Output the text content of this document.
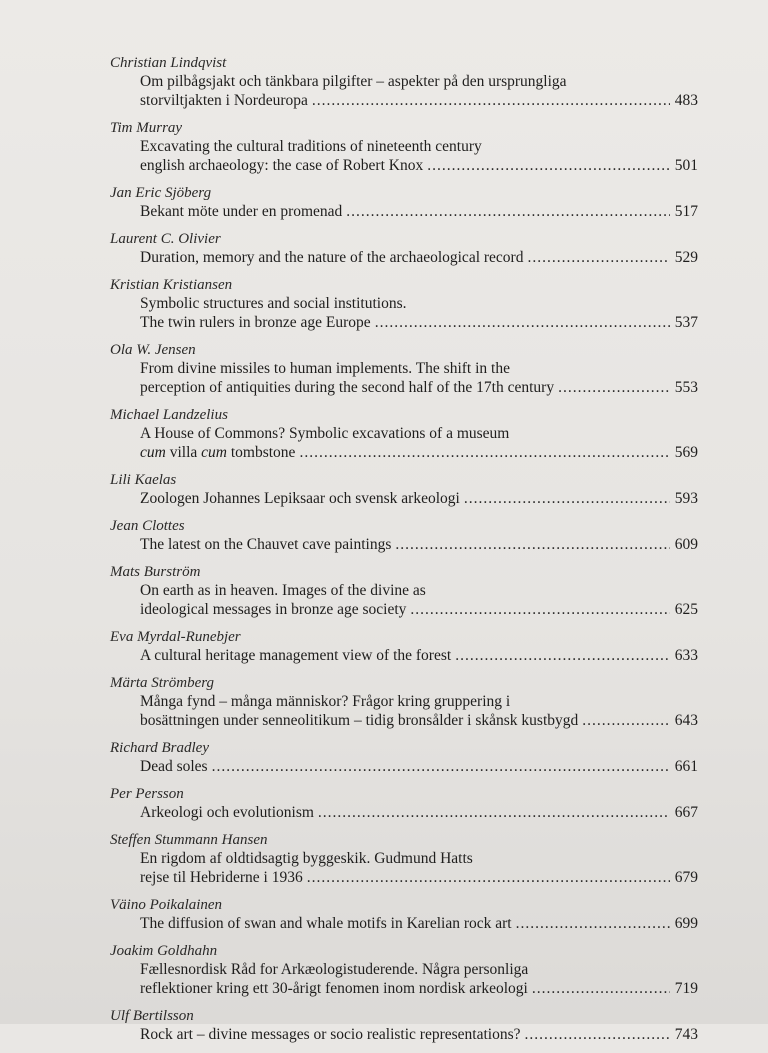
Christian Lindqvist
Om pilbågsjakt och tänkbara pilgifter – aspekter på den ursprungliga
storviltjakten i Nordeuropa .....	483
Tim Murray
Excavating the cultural traditions of nineteenth century
english archaeology: the case of Robert Knox .....	501
Jan Eric Sjöberg
Bekant möte under en promenad .....	517
Laurent C. Olivier
Duration, memory and the nature of the archaeological record .....	529
Kristian Kristiansen
Symbolic structures and social institutions.
The twin rulers in bronze age Europe .....	537
Ola W. Jensen
From divine missiles to human implements. The shift in the
perception of antiquities during the second half of the 17th century .....	553
Michael Landzelius
A House of Commons? Symbolic excavations of a museum
cum villa cum tombstone .....	569
Lili Kaelas
Zoologen Johannes Lepiksaar och svensk arkeologi .....	593
Jean Clottes
The latest on the Chauvet cave paintings .....	609
Mats Burström
On earth as in heaven. Images of the divine as
ideological messages in bronze age society .....	625
Eva Myrdal-Runebjer
A cultural heritage management view of the forest .....	633
Märta Strömberg
Många fynd – många människor? Frågor kring gruppering i
bosättningen under senneolitikum – tidig bronsålder i skånsk kustbygd .....	643
Richard Bradley
Dead soles .....	661
Per Persson
Arkeologi och evolutionism .....	667
Steffen Stummann Hansen
En rigdom af oldtidsagtig byggeskik. Gudmund Hatts
rejse til Hebriderne i 1936 .....	679
Väino Poikalainen
The diffusion of swan and whale motifs in Karelian rock art .....	699
Joakim Goldhahn
Fællesnordisk Råd for Arkæologistuderende. Några personliga
reflektioner kring ett 30-årigt fenomen inom nordisk arkeologi .....	719
Ulf Bertilsson
Rock art – divine messages or socio realistic representations? .....	743
